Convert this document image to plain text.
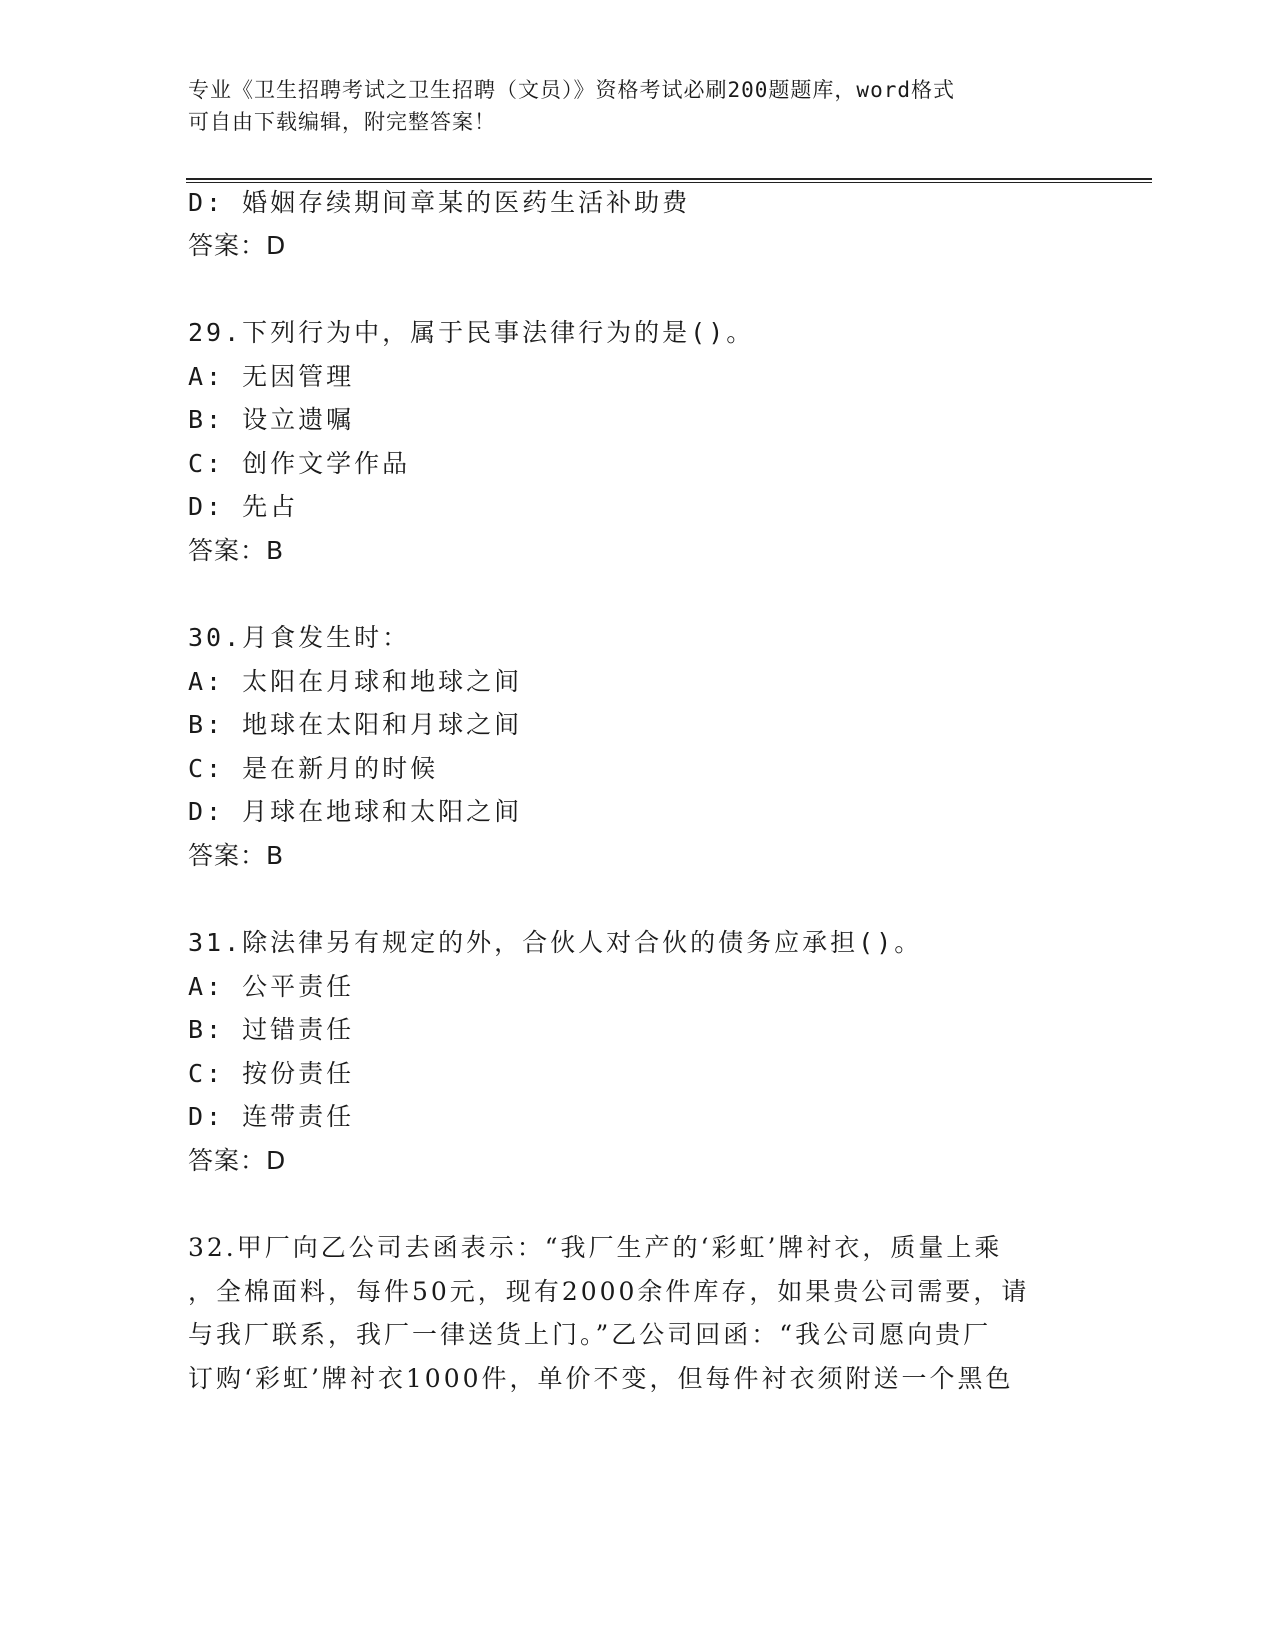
专业《卫生招聘考试之卫生招聘（文员）》资格考试必刷200题题库，word格式
可自由下载编辑，附完整答案！
D: 婚姻存续期间章某的医药生活补助费
答案：D
29.下列行为中，属于民事法律行为的是()。
A: 无因管理
B: 设立遗嘱
C: 创作文学作品
D: 先占
答案：B
30.月食发生时：
A: 太阳在月球和地球之间
B: 地球在太阳和月球之间
C: 是在新月的时候
D: 月球在地球和太阳之间
答案：B
31.除法律另有规定的外，合伙人对合伙的债务应承担()。
A: 公平责任
B: 过错责任
C: 按份责任
D: 连带责任
答案：D
32.甲厂向乙公司去函表示：“我厂生产的‘彩虹’牌衬衣，质量上乘
，全棉面料，每件50元，现有2000余件库存，如果贵公司需要，请
与我厂联系，我厂一律送货上门。”乙公司回函：“我公司愿向贵厂
订购‘彩虹’牌衬衣1000件，单价不变，但每件衬衣须附送一个黑色
